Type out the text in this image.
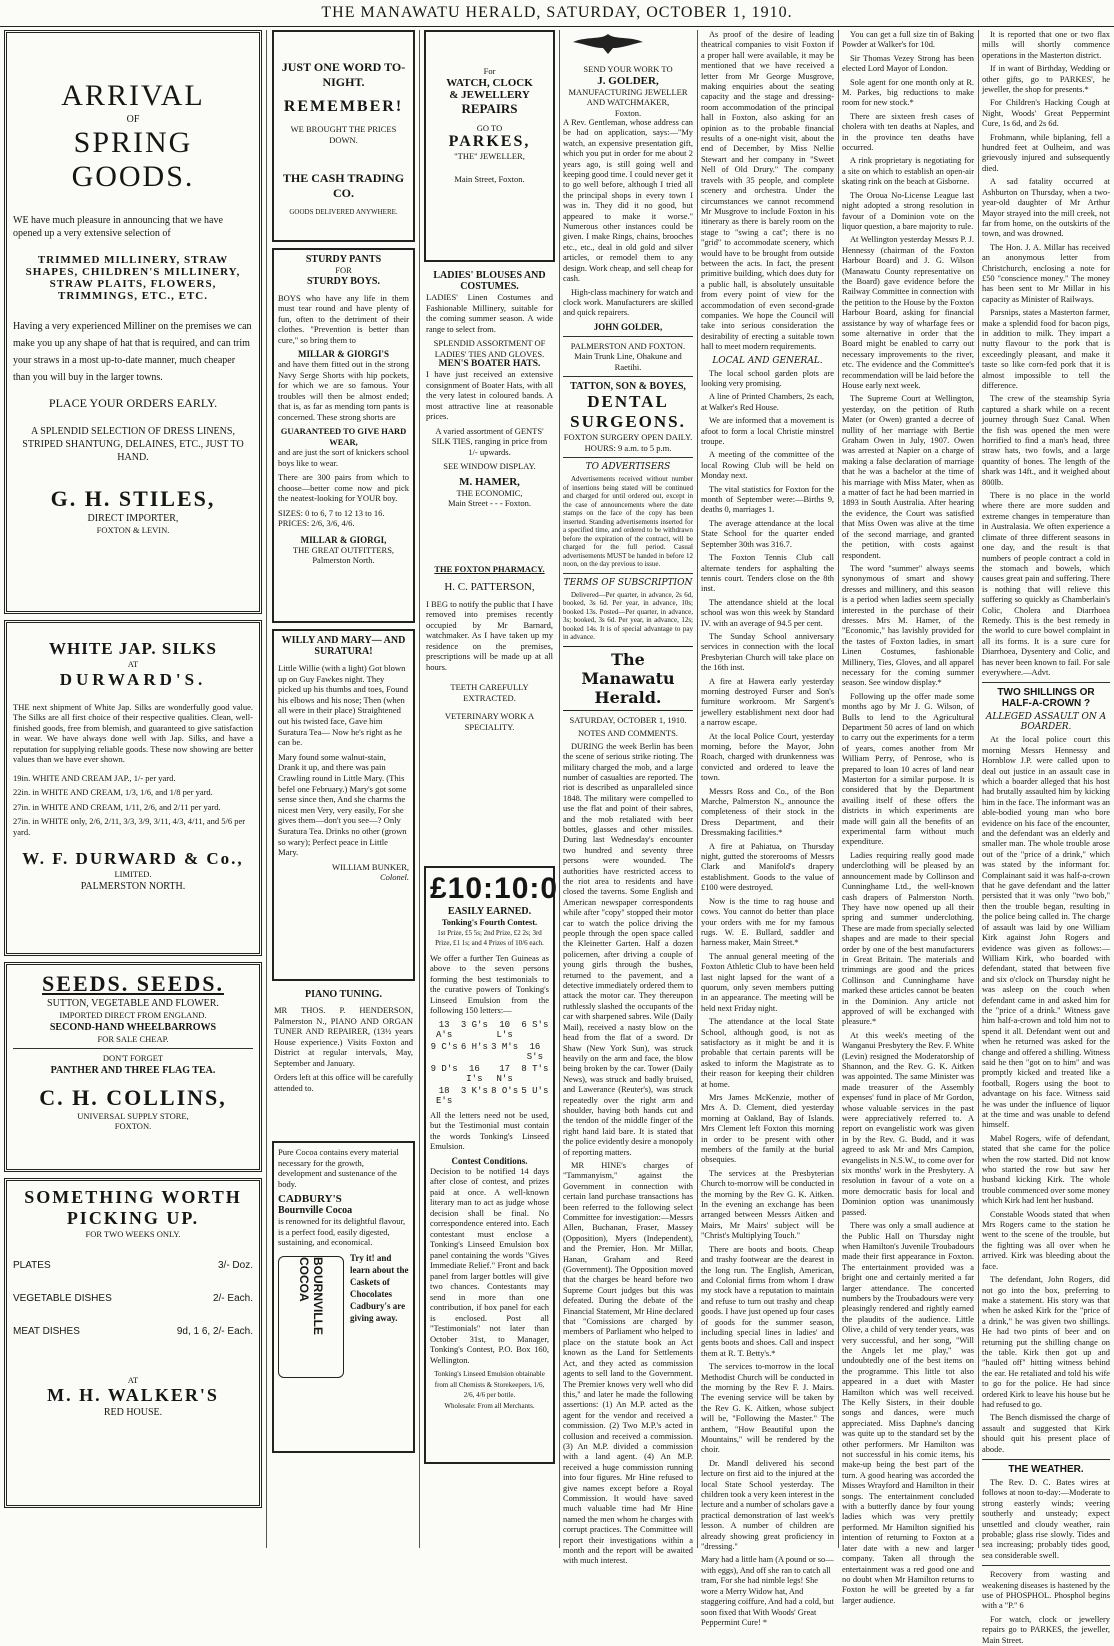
THE MANAWATU HERALD, SATURDAY, OCTOBER 1, 1910.
ARRIVAL
OF
SPRING GOODS.

WE have much pleasure in announcing that we have opened up a very extensive selection of

TRIMMED MILLINERY, STRAW SHAPES, CHILDREN'S MILLINERY, STRAW PLAITS, FLOWERS, TRIMMINGS, ETC., ETC.

Having a very experienced Milliner on the premises we can make you up any shape of hat that is required, and can trim your straws in a most up-to-date manner, much cheaper than you will buy in the larger towns.

PLACE YOUR ORDERS EARLY.

A SPLENDID SELECTION OF DRESS LINENS, STRIPED SHANTUNG, DELAINES, ETC., JUST TO HAND.

G. H. STILES,
DIRECT IMPORTER,
FOXTON & LEVIN.
WHITE JAP. SILKS
AT
DURWARD'S.

THE next shipment of White Jap. Silks are wonderfully good value. The Silks are all first choice of their respective qualities. Clean, well-finished goods, free from blemish, and guaranteed to give satisfaction in wear. We have always done well with Jap. Silks, and have a reputation for supplying reliable goods. These now showing are better values than we have ever shown.

19in. WHITE AND CREAM JAP., 1/- per yard.

22in. in WHITE AND CREAM, 1/3, 1/6, and 1/8 per yard.

27in. in WHITE AND CREAM, 1/11, 2/6, and 2/11 per yard.

27in. in WHITE only, 2/6, 2/11, 3/3, 3/9, 3/11, 4/3, 4/11, and 5/6 per yard.

W. F. DURWARD & Co.,
LIMITED.
PALMERSTON NORTH.
SEEDS. SEEDS.
SUTTON, VEGETABLE AND FLOWER.
IMPORTED DIRECT FROM ENGLAND.
SECOND-HAND WHEELBARROWS
FOR SALE CHEAP.
DON'T FORGET
PANTHER AND THREE FLAG TEA.
C. H. COLLINS,
UNIVERSAL SUPPLY STORE,
FOXTON.
SOMETHING WORTH PICKING UP.
FOR TWO WEEKS ONLY.
PLATES	3/- Doz.
VEGETABLE DISHES	2/- Each.
MEAT DISHES	9d, 1 6, 2/- Each.
AT
M. H. WALKER'S
RED HOUSE.
JUST ONE WORD TO-NIGHT.
REMEMBER!
WE BROUGHT THE PRICES DOWN.
THE CASH TRADING CO.
GOODS DELIVERED ANYWHERE.
STURDY PANTS
FOR
STURDY BOYS.

BOYS who have any life in them must tear round and have plenty of fun, often to the detriment of their clothes. "Prevention is better than cure," so bring them to

MILLAR & GIORGI'S

and have them fitted out in the strong Navy Serge Shorts with hip pockets, for which we are so famous. Your troubles will then be almost ended; that is, as far as mending torn pants is concerned. These strong shorts are

GUARANTEED TO GIVE HARD WEAR,

and are just the sort of knickers school boys like to wear.

There are 300 pairs from which to choose—better come now and pick the neatest-looking for YOUR boy.

SIZES: 0 to 6, 7 to 12 13 to 16.
PRICES: 2/6, 3/6, 4/6.
MILLAR & GIORGI,
THE GREAT OUTFITTERS,
Palmerston North.
WILLY AND MARY— AND SURATURA!

Little Willie (with a light) Got blown up on Guy Fawkes night. They picked up his thumbs and toes, Found his elbows and his nose; Then (when all were in their place) Straightened out his twisted face, Gave him Suratura Tea— Now he's right as he can be.

Mary found some walnut-stain, Drank it up, and there was pain Crawling round in Little Mary. (This befel one February.) Mary's got some sense since then, And she charms the nicest men Very, very easily, For she gives them—don't you see—? Only Suratura Tea. Drinks no other (grown so wary); Perfect peace in Little Mary.

WILLIAM BUNKER,
Colonel.
PIANO TUNING.

MR THOS. P. HENDERSON, Palmerston N., PIANO AND ORGAN TUNER AND REPAIRER, (13½ years House experience.) Visits Foxton and District at regular intervals, May, September and January.

Orders left at this office will be carefully attended to.

Pure Cocoa contains every material necessary for the growth, development and sustenance of the body.

CADBURY'S
Bournville Cocoa

is renowned for its delightful flavour, is a perfect food, easily digested, sustaining, and economical.

BOURNVILLE COCOA	Try it! and learn about the Caskets of Chocolates Cadbury's are giving away.

For
WATCH, CLOCK
& JEWELLERY
REPAIRS
GO TO
PARKES,
"THE" JEWELLER,
Main Street, Foxton.
LADIES' BLOUSES AND COSTUMES.

LADIES' Linen Costumes and Fashionable Millinery, suitable for the coming summer season. A wide range to select from.

SPLENDID ASSORTMENT OF LADIES' TIES AND GLOVES.
MEN'S BOATER HATS.

I have just received an extensive consignment of Boater Hats, with all the very latest in coloured bands. A most attractive line at reasonable prices.

A varied assortment of GENTS' SILK TIES, ranging in price from 1/- upwards.

SEE WINDOW DISPLAY.
M. HAMER,
THE ECONOMIC,
Main Street - - - Foxton.
THE FOXTON PHARMACY.
H. C. PATTERSON,

I BEG to notify the public that I have removed into premises recently occupied by Mr Barnard, watchmaker. As I have taken up my residence on the premises, prescriptions will be made up at all hours.

TEETH CAREFULLY EXTRACTED.
VETERINARY WORK A SPECIALITY.
£10:10:0
EASILY EARNED.
Tonking's Fourth Contest.
1st Prize, £5 5s; 2nd Prize, £2 2s; 3rd Prize, £1 1s; and 4 Prizes of 10/6 each.

We offer a further Ten Guineas as above to the seven persons forming the best testimonials to the curative powers of Tonking's Linseed Emulsion from the following 150 letters:—

13 A's
3 G's	10 L's
6 S's
9 C's 6 H's 3 M's	16 S's
9 D's	16 I's
17 N's
8 T's
18 E's
3 K's 8 O's 5 U's

All the letters need not be used, but the Testimonial must contain the words Tonking's Linseed Emulsion.

Contest Conditions.

Decision to be notified 14 days after close of contest, and prizes paid at once. A well-known literary man to act as judge whose decision shall be final. No correspondence entered into. Each contestant must enclose a Tonking's Linseed Emulsion box panel containing the words "Gives Immediate Relief." Front and back panel from larger bottles will give two chances. Contestants may send in more than one contribution, if box panel for each is enclosed. Post all "Testimonials" not later than October 31st, to Manager, Tonking's Contest, P.O. Box 160, Wellington.

Tonking's Linseed Emulsion obtainable from all Chemists & Storekeepers, 1/6, 2/6, 4/6 per bottle.
Wholesale: From all Merchants.
SEND YOUR WORK TO
J. GOLDER,
MANUFACTURING JEWELLER AND WATCHMAKER,
Foxton.

A Rev. Gentleman, whose address can be had on application, says:—"My watch, an expensive presentation gift, which you put in order for me about 2 years ago, is still going well and keeping good time. I could never get it to go well before, although I tried all the principal shops in every town I was in. They did it no good, but appeared to make it worse." Numerous other instances could be given. I make Rings, chains, brooches etc., etc., deal in old gold and silver articles, or remodel them to any design. Work cheap, and sell cheap for cash.

High-class machinery for watch and clock work. Manufacturers are skilled and quick repairers.

JOHN GOLDER,
PALMERSTON AND FOXTON.
Main Trunk Line, Ohakune and Raetihi.
TATTON, SON & BOYES,
DENTAL
SURGEONS.
FOXTON SURGERY OPEN DAILY.
HOURS: 9 a.m. to 5 p.m.
TO ADVERTISERS

Advertisements received without number of insertions being stated will be continued and charged for until ordered out, except in the case of announcements where the date stamps on the face of the copy has been inserted. Standing advertisements inserted for a specified time, and ordered to be withdrawn before the expiration of the contract, will be charged for the full period. Casual advertisements MUST be handed in before 12 noon, on the day previous to issue.

TERMS OF SUBSCRIPTION

Delivered—Per quarter, in advance, 2s 6d, booked, 3s 6d. Per year, in advance, 10s; booked 13s. Posted—Per quarter, in advance, 3s; booked, 3s 6d. Per year, in advance, 12s; booked 14s. It is of special advantage to pay in advance.

The Manawatu Herald.
SATURDAY, OCTOBER 1, 1910.
NOTES AND COMMENTS.

DURING the week Berlin has been the scene of serious strike rioting. The military charged the mob, and a large number of casualties are reported. The riot is described as unparalleled since 1848. The military were compelled to use the flat and point of their sabres, and the mob retaliated with beer bottles, glasses and other missiles. During last Wednesday's encounter two hundred and seventy three persons were wounded. The authorities have restricted access to the riot area to residents and have closed the taverns. Some English and American newspaper correspondents while after "copy" stopped their motor car to watch the police driving the people through the open space called the Kleinetter Garten. Half a dozen policemen, after driving a couple of young girls through the bushes, returned to the pavement, and a detective immediately ordered them to attack the motor car. They thereupon ruthlessly slashed the occupants of the car with sharpened sabres. Wile (Daily Mail), received a nasty blow on the head from the flat of a sword. Dr Shaw (New York Sun), was struck heavily on the arm and face, the blow being broken by the car. Tower (Daily News), was struck and badly bruised, and Lawerance (Reuter's), was struck repeatedly over the right arm and shoulder, having both hands cut and the tendon of the middle finger of the right hand laid bare. It is stated that the police evidently desire a monopoly of reporting matters.

MR HINE's charges of "Tammanyism," against the Government in connection with certain land purchase transactions has been referred to the following select Committee for investigation:—Messrs Allen, Buchanan, Fraser, Massey (Opposition), Myers (Independent), and the Premier, Hon. Mr Millar, Hanan, Graham and Reed (Government). The Opposition moved that the charges be heard before two Supreme Court judges but this was defeated. During the debate of the Financial Statement, Mr Hine declared that "Comissions are charged by members of Parliament who helped to place on the statute book an Act known as the Land for Settlements Act, and they acted as commission agents to sell land to the Government. The Premier knows very well who did this," and later he made the following assertions: (1) An M.P. acted as the agent for the vendor and received a commission. (2) Two M.P.'s acted in collusion and received a commission. (3) An M.P. divided a commission with a land agent. (4) An M.P. received a huge commission running into four figures. Mr Hine refused to give names except before a Royal Commission. It would have saved much valuable time had Mr Hine named the men whom he charges with corrupt practices. The Committee will report their investigations within a month and the report will be awaited with much interest.

As proof of the desire of leading theatrical companies to visit Foxton if a proper hall were available, it may be mentioned that we have received a letter from Mr George Musgrove, making enquiries about the seating capacity and the stage and dressing-room accommodation of the principal hall in Foxton, also asking for an opinion as to the probable financial results of a one-night visit, about the end of December, by Miss Nellie Stewart and her company in "Sweet Nell of Old Drury." The company travels with 35 people, and complete scenery and orchestra. Under the circumstances we cannot recommend Mr Musgrove to include Foxton in his itinerary as there is barely room on the stage to "swing a cat"; there is no "grid" to accommodate scenery, which would have to be brought from outside between the acts. In fact, the present primitive building, which does duty for a public hall, is absolutely unsuitable from every point of view for the accommodation of even second-grade companies. We hope the Council will take into serious consideration the desirability of erecting a suitable town hall to meet modern requirements.

LOCAL AND GENERAL.

The local school garden plots are looking very promising.

A line of Printed Chambers, 2s each, at Walker's Red House.

We are informed that a movement is afoot to form a local Christie minstrel troupe.

A meeting of the committee of the local Rowing Club will be held on Monday next.

The vital statistics for Foxton for the month of September were:—Births 9, deaths 0, marriages 1.

The average attendance at the local State School for the quarter ended September 30th was 316.7.

The Foxton Tennis Club call alternate tenders for asphalting the tennis court. Tenders close on the 8th inst.

The attendance shield at the local school was won this week by Standard IV. with an average of 94.5 per cent.

The Sunday School anniversary services in connection with the local Presbyterian Church will take place on the 16th inst.

A fire at Hawera early yesterday morning destroyed Furser and Son's furniture workroom. Mr Sargent's jewellery establishment next door had a narrow escape.

At the local Police Court, yesterday morning, before the Mayor, John Roach, charged with drunkenness was convicted and ordered to leave the town.

Messrs Ross and Co., of the Bon Marche, Palmerston N., announce the completeness of their stock in the Dress Department, and their Dressmaking facilities.*

A fire at Pahiatua, on Thursday night, gutted the storerooms of Messrs Clark and Manifold's drapery establishment. Goods to the value of £100 were destroyed.

Now is the time to rag house and cows. You cannot do better than place your orders with me for my famous rugs. W. E. Bullard, saddler and harness maker, Main Street.*

The annual general meeting of the Foxton Athletic Club to have been held last night lapsed for the want of a quorum, only seven members putting in an appearance. The meeting will be held next Friday night.

The attendance at the local State School, although good, is not as satisfactory as it might be and it is probable that certain parents will be asked to inform the Magistrate as to their reason for keeping their children at home.

Mrs James McKenzie, mother of Mrs A. D. Clement, died yesterday morning at Oakland, Bay of Islands. Mrs Clement left Foxton this morning in order to be present with other members of the family at the burial obsequies.

The services at the Presbyterian Church to-morrow will be conducted in the morning by the Rev G. K. Aitken. In the evening an exchange has been arranged between Messrs Aitken and Mairs, Mr Mairs' subject will be "Christ's Multiplying Touch."

There are boots and boots. Cheap and trashy footwear are the dearest in the long run. The English, American, and Colonial firms from whom I draw my stock have a reputation to maintain and refuse to turn out trashy and cheap goods. I have just opened up four cases of goods for the summer season, including special lines in ladies' and gents boots and shoes. Call and inspect them at R. T. Betty's.*

The services to-morrow in the local Methodist Church will be conducted in the morning by the Rev F. J. Mairs. The evening service will be taken by the Rev G. K. Aitken, whose subject will be, "Following the Master." The anthem, "How Beautiful upon the Mountains," will be rendered by the choir.

Dr. Mandl delivered his second lecture on first aid to the injured at the local State School yesterday. The children took a very keen interest in the lecture and a number of scholars gave a practical demonstration of last week's lesson. A number of children are already showing great proficiency in "dressing."

Mary had a little ham (A pound or so—with eggs), And off she ran to catch all tram, For she had nimble legs! She wore a Merry Widow hat, And staggering coiffure, And had a cold, but soon fixed that With Woods' Great Peppermint Cure! *

You can get a full size tin of Baking Powder at Walker's for 10d.

Sir Thomas Vezey Strong has been elected Lord Mayor of London.

Sole agent for one month only at R. M. Parkes, big reductions to make room for new stock.*

There are sixteen fresh cases of cholera with ten deaths at Naples, and in the province ten deaths have occurred.

A rink proprietary is negotiating for a site on which to establish an open-air skating rink on the beach at Gisborne.

The Oroua No-License League last night adopted a strong resolution in favour of a Dominion vote on the liquor question, a bare majority to rule.

At Wellington yesterday Messrs P. J. Hennessy (chairman of the Foxton Harbour Board) and J. G. Wilson (Manawatu County representative on the Board) gave evidence before the Railway Committee in connection with the petition to the House by the Foxton Harbour Board, asking for financial assistance by way of wharfage fees or some alternative in order that the Board might be enabled to carry out necessary improvements to the river, etc. The evidence and the Committee's recommendation will be laid before the House early next week.

The Supreme Court at Wellington, yesterday, on the petition of Ruth Mater (or Owen) granted a decree of nullity of her marriage with Bertie Graham Owen in July, 1907. Owen was arrested at Napier on a charge of making a false declaration of marriage that he was a bachelor at the time of his marriage with Miss Mater, when as a matter of fact he had been married in 1893 in South Australia. After hearing the evidence, the Court was satisfied that Miss Owen was alive at the time of the second marriage, and granted the petition, with costs against respondent.

The word "summer" always seems synonymous of smart and showy dresses and millinery, and this season is a period when ladies seem specially interested in the purchase of their dresses. Mrs M. Hamer, of the "Economic," has lavishly provided for the tastes of Foxton ladies, in smart Linen Costumes, fashionable Millinery, Ties, Gloves, and all apparel necessary for the coming summer season. See window display.*

Following up the offer made some months ago by Mr J. G. Wilson, of Bulls to lend to the Agricultural Department 50 acres of land on which to carry out the experiments for a term of years, comes another from Mr William Perry, of Penrose, who is prepared to loan 10 acres of land near Masterton for a similar purpose. It is considered that by the Department availing itself of these offers the districts in which experiments are made will gain all the benefits of an experimental farm without much expenditure.

Ladies requiring really good made underclothing will be pleased by an announcement made by Collinson and Cunninghame Ltd., the well-known cash drapers of Palmerston North. They have now opened up all their spring and summer underclothing. These are made from specially selected shapes and are made to their special order by one of the best manufacturers in Great Britain. The materials and trimmings are good and the prices Collinson and Cunninghame have marked these articles cannot be beaten in the Dominion. Any article not approved of will be exchanged with pleasure.*

At this week's meeting of the Wanganui Presbytery the Rev. F. White (Levin) resigned the Moderatorship of Shannon, and the Rev. G. K. Aitken was appointed. The same Minister was made treasurer of the Assembly expenses' fund in place of Mr Gordon, whose valuable services in the past were appreciatively referred to. A report on evangelistic work was given in by the Rev. G. Budd, and it was agreed to ask Mr and Mrs Campion, evangelists in N.S.W., to come over for six months' work in the Presbytery. A resolution in favour of a vote on a more democratic basis for local and Dominion option was unanimously passed.

There was only a small audience at the Public Hall on Thursday night when Hamilton's Juvenile Troubadours made their first appearance in Foxton. The entertainment provided was a bright one and certainly merited a far larger attendance. The concerted numbers by the Troubadours were very pleasingly rendered and rightly earned the plaudits of the audience. Little Olive, a child of very tender years, was very successful, and her song, "Will the Angels let me play," was undoubtedly one of the best items on the programme. This little tot also appeared in a duet with Master Hamilton which was well received. The Kelly Sisters, in their double songs and dances, were much appreciated. Miss Daphne's dancing was quite up to the standard set by the other performers. Mr Hamilton was not successful in his comic items, his make-up being the best part of the turn. A good hearing was accorded the Misses Wrayford and Hamilton in their songs. The entertainment concluded with a butterfly dance by four young ladies which was very prettily performed. Mr Hamilton signified his intention of returning to Foxton at a later date with a new and larger company. Taken all through the entertainment was a red good one and no doubt when Mr Hamilton returns to Foxton he will be greeted by a far larger audience.

It is reported that one or two flax mills will shortly commence operations in the Masterton district.

If in want of Birthday, Wedding or other gifts, go to PARKES', he jeweller, the shop for presents.*

For Children's Hacking Cough at Night, Woods' Great Peppermint Cure, 1s 6d, and 2s 6d.

Frohmann, while biplaning, fell a hundred feet at Oulheim, and was grievously injured and subsequently died.

A sad fatality occurred at Ashburton on Thursday, when a two-year-old daughter of Mr Arthur Mayor strayed into the mill creek, not far from home, on the outskirts of the town, and was drowned.

The Hon. J. A. Millar has received an anonymous letter from Christchurch, enclosing a note for £50 "conscience money." The money has been sent to Mr Millar in his capacity as Minister of Railways.

Parsnips, states a Masterton farmer, make a splendid food for bacon pigs, in addition to milk. They impart a nutty flavour to the pork that is exceedingly pleasant, and make it taste so like corn-fed pork that it is almost impossible to tell the difference.

The crew of the steamship Syria captured a shark while on a recent journey through Suez Canal. When the fish was opened the men were horrified to find a man's head, three straw hats, two fowls, and a large quantity of bones. The length of the shark was 14ft., and it weighed about 800lb.

There is no place in the world where there are more sudden and extreme changes in temperature than in Australasia. We often experience a climate of three different seasons in one day, and the result is that numbers of people contract a cold in the stomach and bowels, which causes great pain and suffering. There is nothing that will relieve this suffering so quickly as Chamberlain's Colic, Cholera and Diarrhoea Remedy. This is the best remedy in the world to cure bowel complaint in all its forms. It is a sure cure for Diarrhoea, Dysentery and Colic, and has never been known to fail. For sale everywhere.—Advt.

TWO SHILLINGS OR HALF-A-CROWN ?
ALLEGED ASSAULT ON A BOARDER.

At the local police court this morning Messrs Hennessy and Hornblow J.P. were called upon to deal out justice in an assault case in which a boarder alleged that his host had brutally assaulted him by kicking him in the face. The informant was an able-bodied young man who bore evidence on his face of the encounter, and the defendant was an elderly and smaller man. The whole trouble arose out of the "price of a drink," which was stated by the informant for. Complainant said it was half-a-crown that he gave defendant and the latter persisted that it was only "two bob," then the trouble began, resulting in the police being called in. The charge of assault was laid by one William Kirk against John Rogers and evidence was given as follows:—William Kirk, who boarded with defendant, stated that between five and six o'clock on Thursday night he was asleep on the couch when defendant came in and asked him for the "price of a drink." Witness gave him half-a-crown and told him not to spend it all. Defendant went out and when he returned was asked for the change and offered a shilling. Witness said he then "got on to him" and was promptly kicked and treated like a football, Rogers using the boot to advantage on his face. Witness said he was under the influence of liquor at the time and was unable to defend himself.

Mabel Rogers, wife of defendant, stated that she came for the police when the row started. Did not know who started the row but saw her husband kicking Kirk. The whole trouble commenced over some money which Kirk had lent her husband.

Constable Woods stated that when Mrs Rogers came to the station he went to the scene of the trouble, but the fighting was all over when he arrived. Kirk was bleeding about the face.

The defendant, John Rogers, did not go into the box, preferring to make a statement. His story was that when he asked Kirk for the "price of a drink," he was given two shillings. He had two pints of beer and on returning put the shilling change on the table. Kirk then got up and "hauled off" hitting witness behind the ear. He retaliated and told his wife to go for the police. He had since ordered Kirk to leave his house but he had refused to go.

The Bench dismissed the charge of assault and suggested that Kirk should quit his present place of abode.

THE WEATHER.

The Rev. D. C. Bates wires at follows at noon to-day:—Moderate to strong easterly winds; veering southerly and unsteady; expect unsettled and cloudy weather, rain probable; glass rise slowly. Tides and sea increasing; probably tides good, sea considerable swell.

Recovery from wasting and weakening diseases is hastened by the use of PHOSPHOL. Phosphol begins with a "P." 6

For watch, clock or jewellery repairs go to PARKES, the jeweller, Main Street.
